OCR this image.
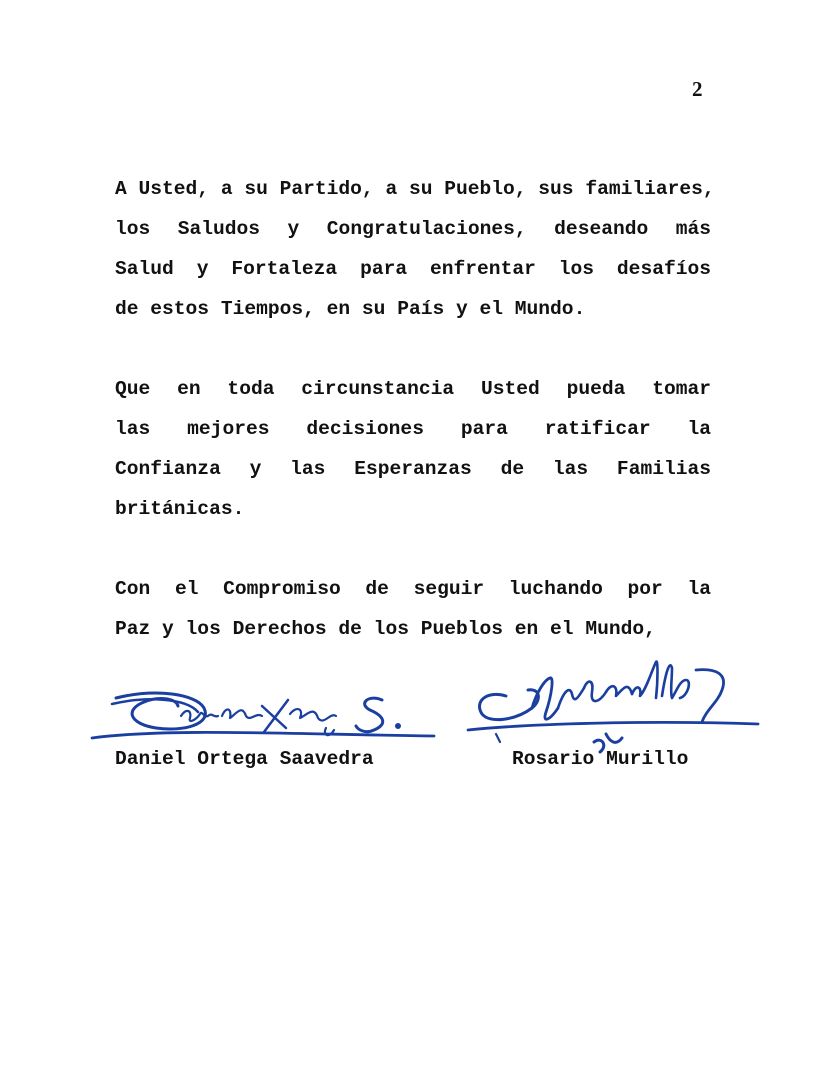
2
A Usted, a su Partido, a su Pueblo, sus familiares,
los Saludos y Congratulaciones, deseando más
Salud y Fortaleza para enfrentar los desafíos
de estos Tiempos, en su País y el Mundo.
Que en toda circunstancia Usted pueda tomar
las mejores decisiones para ratificar la
Confianza y las Esperanzas de las Familias
británicas.
Con el Compromiso de seguir luchando por la
Paz y los Derechos de los Pueblos en el Mundo,
Daniel Ortega Saavedra	Rosario Murillo
